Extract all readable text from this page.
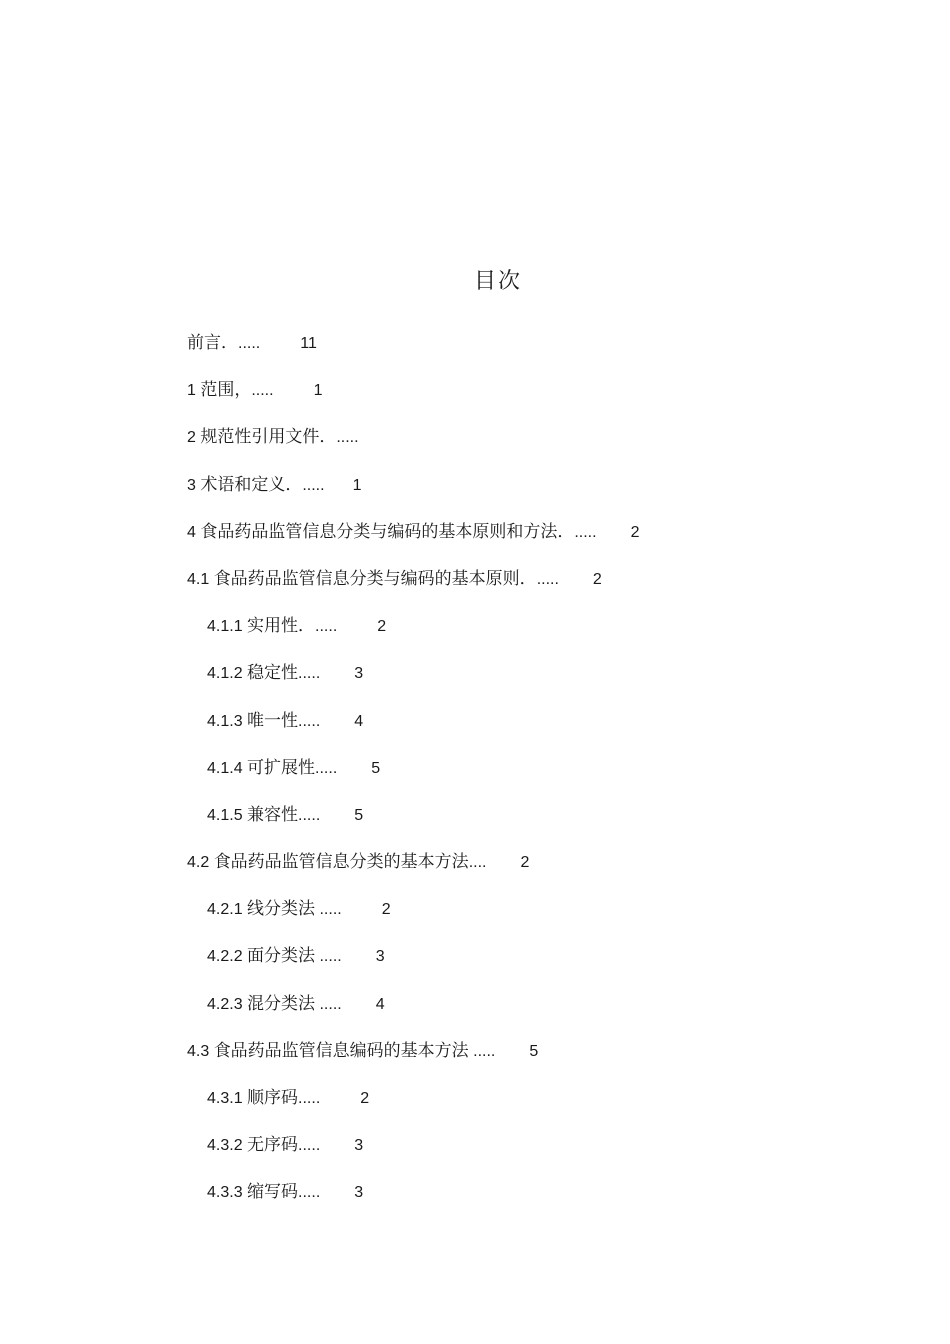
目次
前言．.....	11
1 范围，.....	1
2 规范性引用文件．.....
3 术语和定义．..... 1
4 食品药品监管信息分类与编码的基本原则和方法．..... 2
4.1 食品药品监管信息分类与编码的基本原则．..... 2
4.1.1 实用性．.....	2
4.1.2 稳定性..... 3
4.1.3 唯一性..... 4
4.1.4 可扩展性..... 5
4.1.5 兼容性..... 5
4.2 食品药品监管信息分类的基本方法.... 2
4.2.1 线分类法 .....	2
4.2.2 面分类法 ..... 3
4.2.3 混分类法 ..... 4
4.3 食品药品监管信息编码的基本方法 ..... 5
4.3.1 顺序码.....	2
4.3.2 无序码..... 3
4.3.3 缩写码..... 3
